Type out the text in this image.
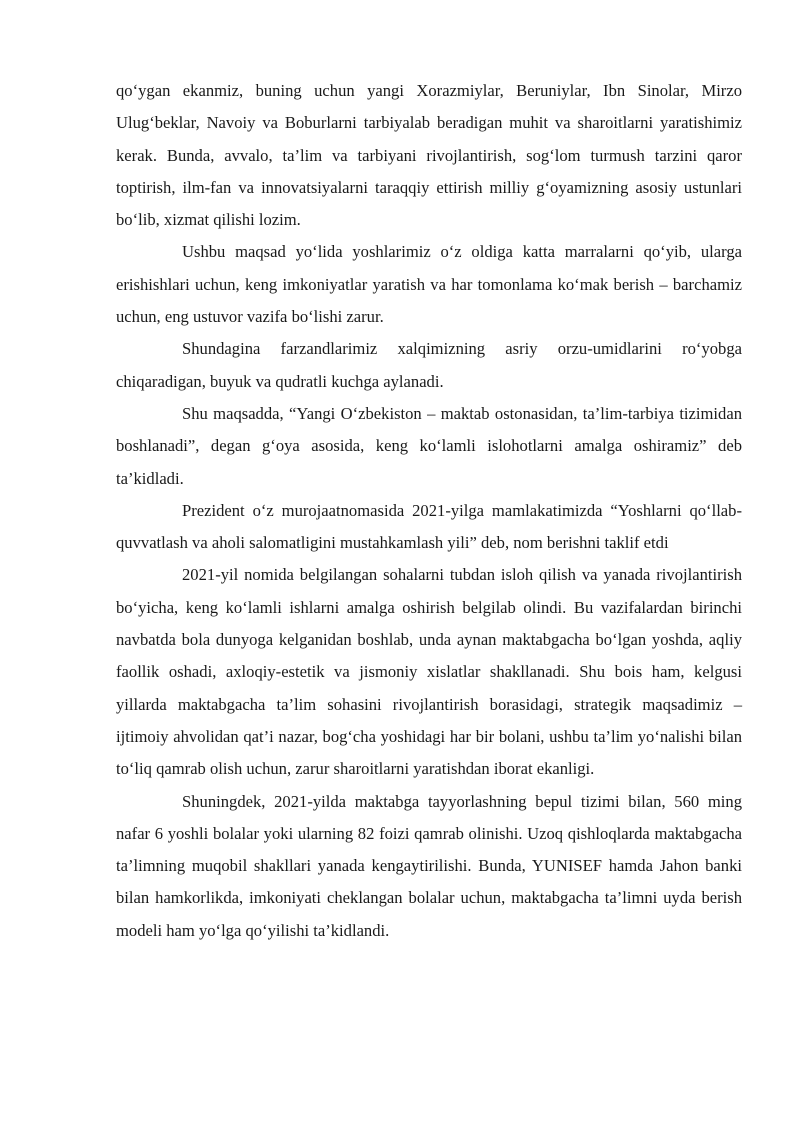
qo‘ygan ekanmiz, buning uchun yangi Xorazmiylar, Beruniylar, Ibn Sinolar, Mirzo Ulug‘beklar, Navoiy va Boburlarni tarbiyalab beradigan muhit va sharoitlarni yaratishimiz kerak. Bunda, avvalo, ta’lim va tarbiyani rivojlantirish, sog‘lom turmush tarzini qaror toptirish, ilm-fan va innovatsiyalarni taraqqiy ettirish milliy g‘oyamizning asosiy ustunlari bo‘lib, xizmat qilishi lozim.

Ushbu maqsad yo‘lida yoshlarimiz o‘z oldiga katta marralarni qo‘yib, ularga erishishlari uchun, keng imkoniyatlar yaratish va har tomonlama ko‘mak berish – barchamiz uchun, eng ustuvor vazifa bo‘lishi zarur.

Shundagina farzandlarimiz xalqimizning asriy orzu-umidlarini ro‘yobga chiqaradigan, buyuk va qudratli kuchga aylanadi.

Shu maqsadda, “Yangi O‘zbekiston – maktab ostonasidan, ta’lim-tarbiya tizimidan boshlanadi”, degan g‘oya asosida, keng ko‘lamli islohotlarni amalga oshiramiz” deb ta’kidladi.

Prezident o‘z murojaatnomasida 2021-yilga mamlakatimizda “Yoshlarni qo‘llab-quvvatlash va aholi salomatligini mustahkamlash yili” deb, nom berishni taklif etdi

2021-yil nomida belgilangan sohalarni tubdan isloh qilish va yanada rivojlantirish bo‘yicha, keng ko‘lamli ishlarni amalga oshirish belgilab olindi. Bu vazifalardan birinchi navbatda bola dunyoga kelganidan boshlab, unda aynan maktabgacha bo‘lgan yoshda, aqliy faollik oshadi, axloqiy-estetik va jismoniy xislatlar shakllanadi. Shu bois ham, kelgusi yillarda maktabgacha ta’lim sohasini rivojlantirish borasidagi, strategik maqsadimiz – ijtimoiy ahvolidan qat’i nazar, bog‘cha yoshidagi har bir bolani, ushbu ta’lim yo‘nalishi bilan to‘liq qamrab olish uchun, zarur sharoitlarni yaratishdan iborat ekanligi.

Shuningdek, 2021-yilda maktabga tayyorlashning bepul tizimi bilan, 560 ming nafar 6 yoshli bolalar yoki ularning 82 foizi qamrab olinishi. Uzoq qishloqlarda maktabgacha ta’limning muqobil shakllari yanada kengaytirilishi. Bunda, YUNISEF hamda Jahon banki bilan hamkorlikda, imkoniyati cheklangan bolalar uchun, maktabgacha ta’limni uyda berish modeli ham yo‘lga qo‘yilishi ta’kidlandi.
